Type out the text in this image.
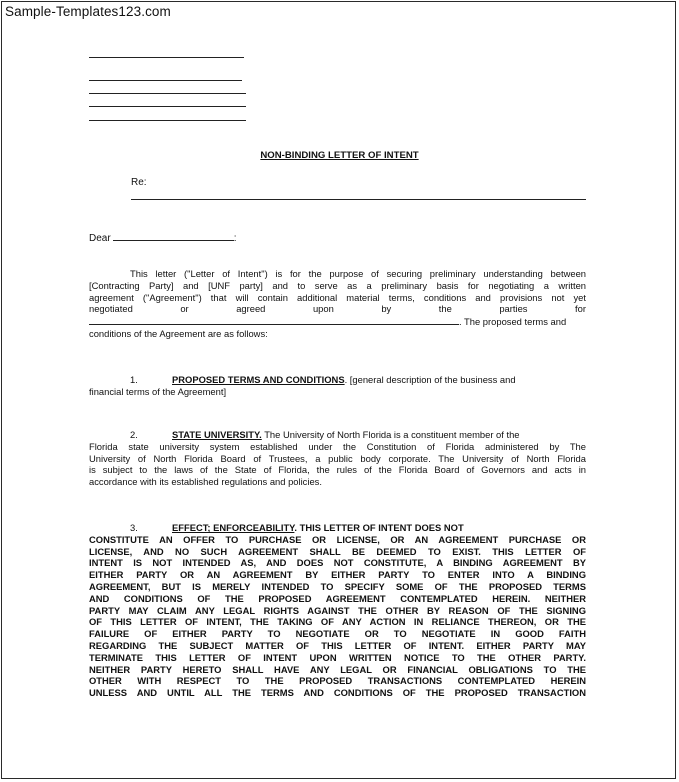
Sample-Templates123.com
NON-BINDING LETTER OF INTENT
Re:
Dear	:
This letter ("Letter of Intent") is for the purpose of securing preliminary understanding between
[Contracting Party] and [UNF party] and to serve as a preliminary basis for negotiating a written
agreement ("Agreement") that will contain additional material terms, conditions and provisions not yet
negotiated	or	agreed	upon	by	the	parties	for
. The proposed terms and
conditions of the Agreement are as follows:
1.	PROPOSED TERMS AND CONDITIONS. [general description of the business and
financial terms of the Agreement]
2.	STATE UNIVERSITY. The University of North Florida is a constituent member of the
Florida state university system established under the Constitution of Florida administered by The
University of North Florida Board of Trustees, a public body corporate. The University of North Florida
is subject to the laws of the State of Florida, the rules of the Florida Board of Governors and acts in
accordance with its established regulations and policies.
3.	EFFECT; ENFORCEABILITY. THIS LETTER OF INTENT DOES NOT
CONSTITUTE AN OFFER TO PURCHASE OR LICENSE, OR AN AGREEMENT PURCHASE OR
LICENSE, AND NO SUCH AGREEMENT SHALL BE DEEMED TO EXIST. THIS LETTER OF
INTENT IS NOT INTENDED AS, AND DOES NOT CONSTITUTE, A BINDING AGREEMENT BY
EITHER PARTY OR AN AGREEMENT BY EITHER PARTY TO ENTER INTO A BINDING
AGREEMENT, BUT IS MERELY INTENDED TO SPECIFY SOME OF THE PROPOSED TERMS
AND CONDITIONS OF THE PROPOSED AGREEMENT CONTEMPLATED HEREIN. NEITHER
PARTY MAY CLAIM ANY LEGAL RIGHTS AGAINST THE OTHER BY REASON OF THE SIGNING
OF THIS LETTER OF INTENT, THE TAKING OF ANY ACTION IN RELIANCE THEREON, OR THE
FAILURE OF EITHER PARTY TO NEGOTIATE OR TO NEGOTIATE IN GOOD FAITH
REGARDING THE SUBJECT MATTER OF THIS LETTER OF INTENT. EITHER PARTY MAY
TERMINATE THIS LETTER OF INTENT UPON WRITTEN NOTICE TO THE OTHER PARTY.
NEITHER PARTY HERETO SHALL HAVE ANY LEGAL OR FINANCIAL OBLIGATIONS TO THE
OTHER WITH RESPECT TO THE PROPOSED TRANSACTIONS CONTEMPLATED HEREIN
UNLESS AND UNTIL ALL THE TERMS AND CONDITIONS OF THE PROPOSED TRANSACTION
